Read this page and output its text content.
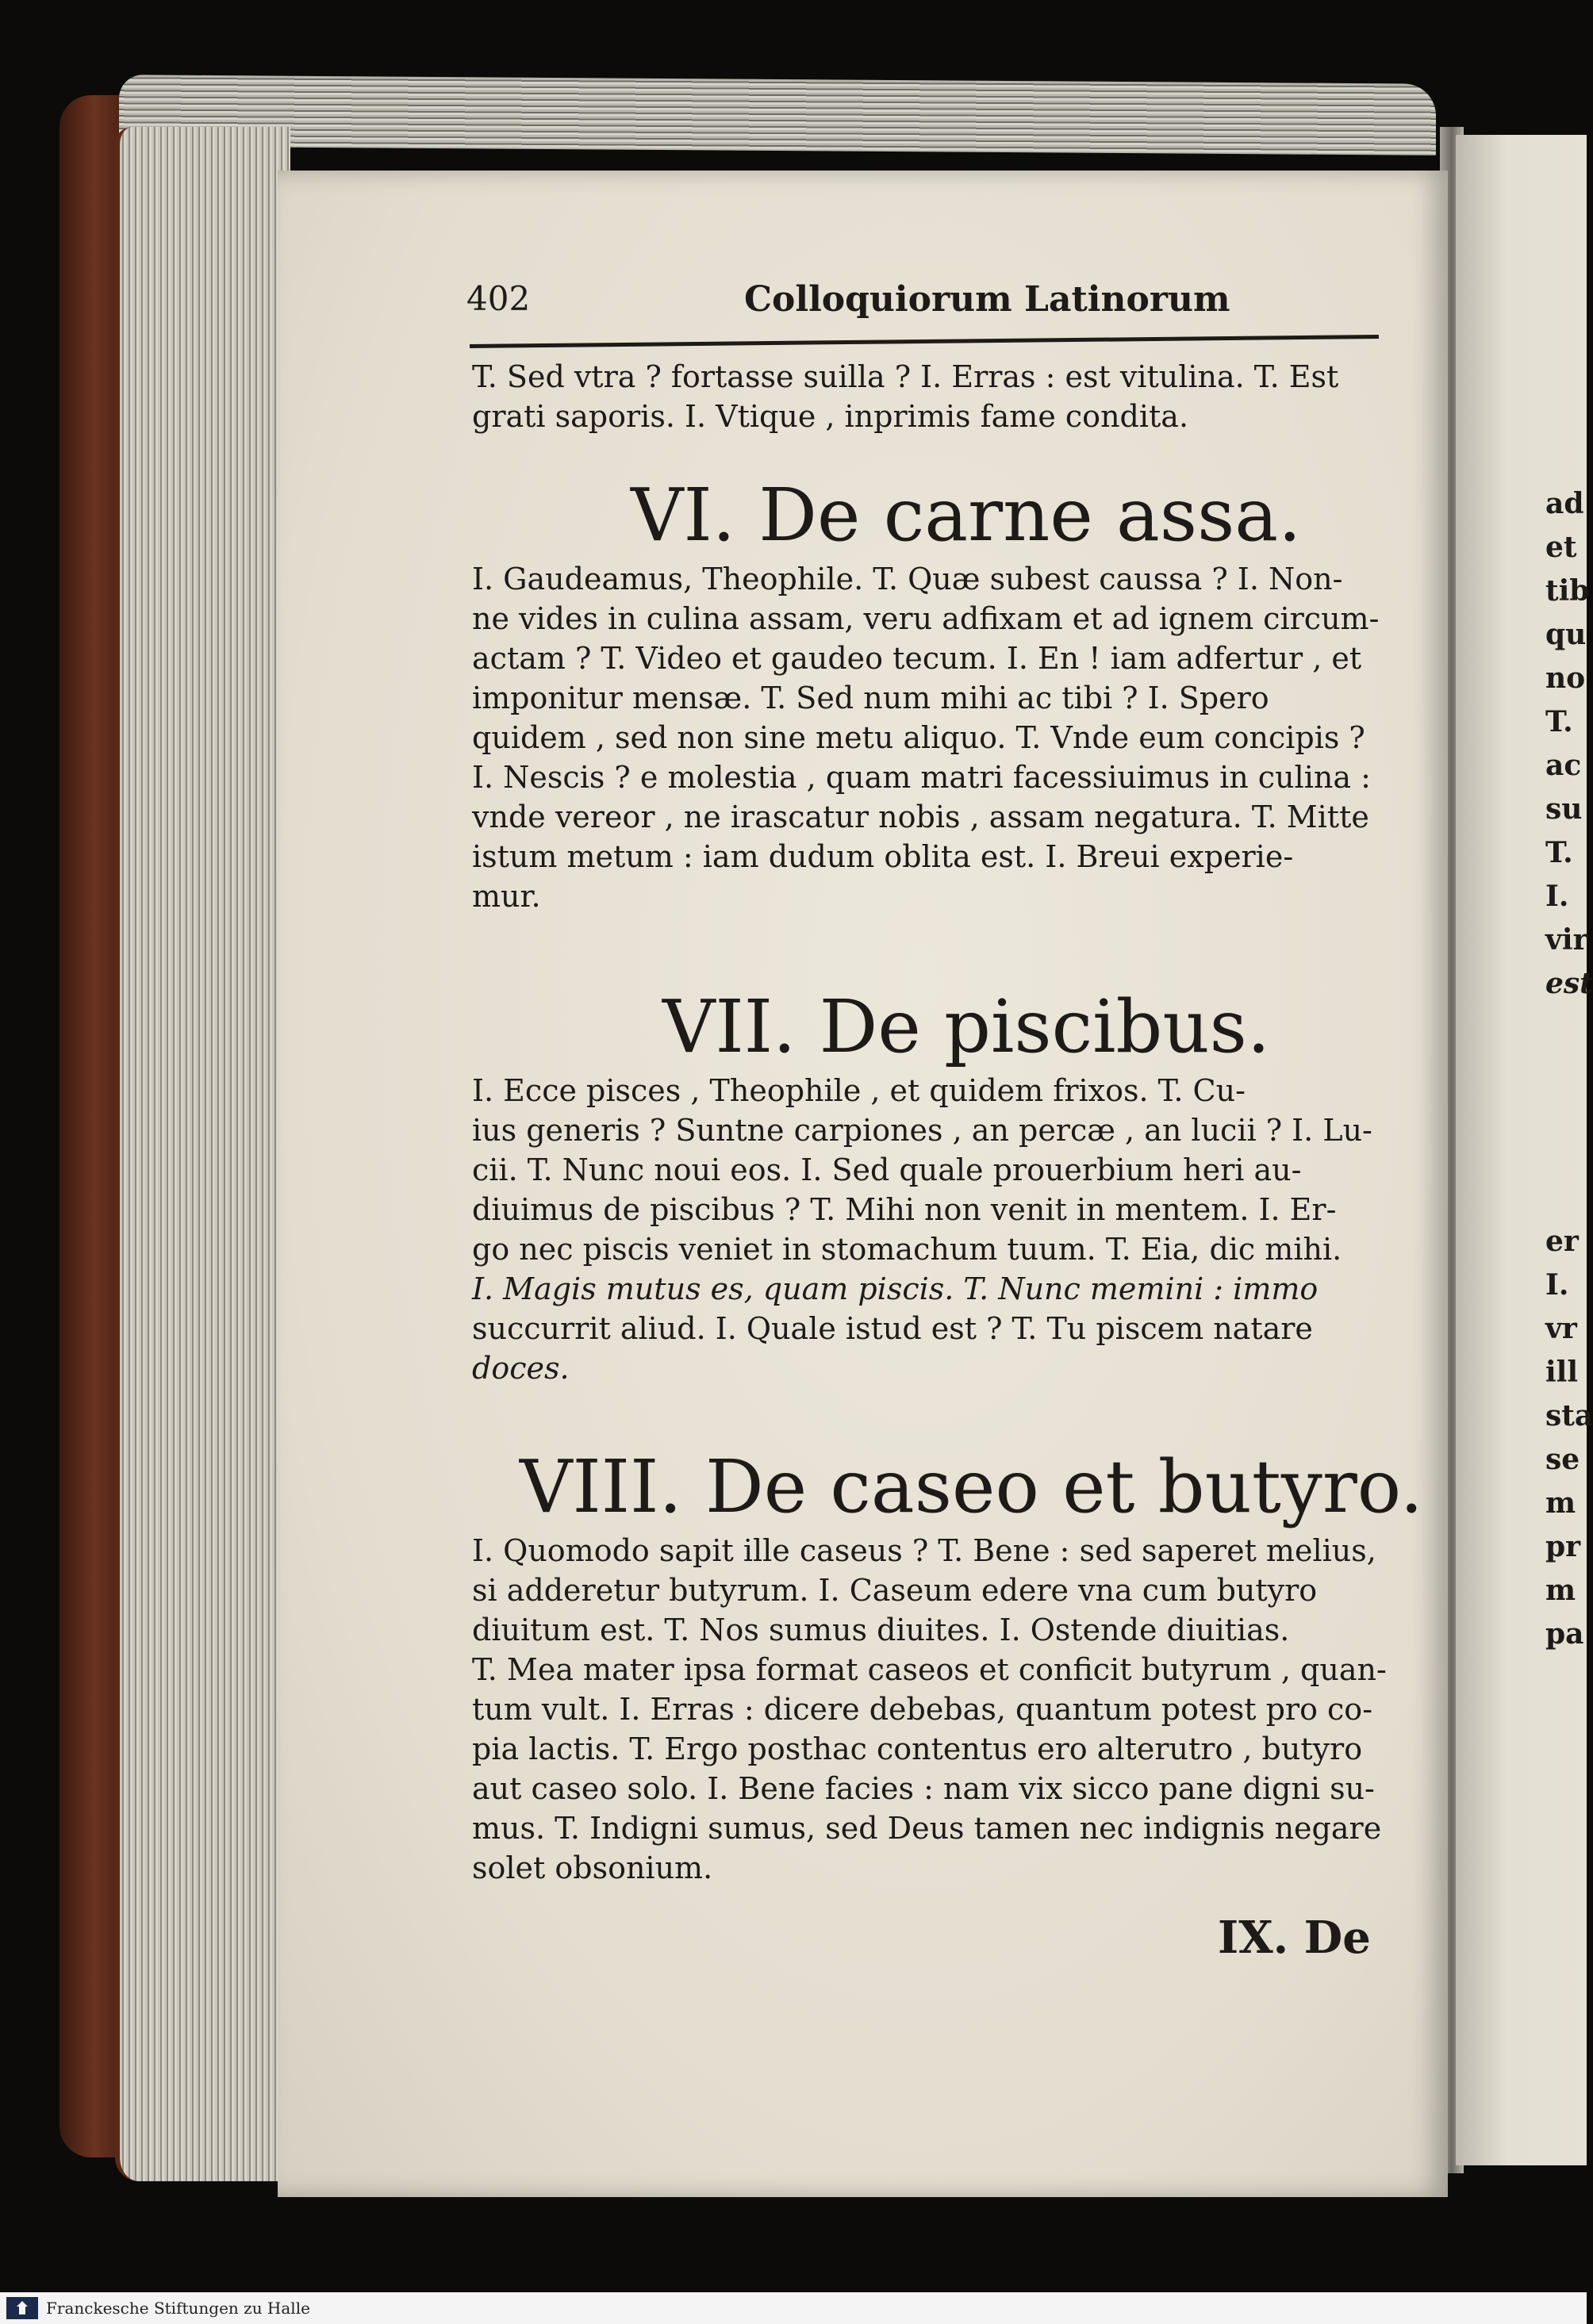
402	Colloquiorum Latinorum
T. Sed vtra ? fortasse suilla ? I. Erras : est vitulina. T. Est
grati saporis. I. Vtique , inprimis fame condita.
VI. De carne assa.
I. Gaudeamus, Theophile. T. Quæ subest caussa ? I. Non-
ne vides in culina assam, veru adfixam et ad ignem circum-
actam ? T. Video et gaudeo tecum. I. En ! iam adfertur , et
imponitur mensæ. T. Sed num mihi ac tibi ? I. Spero
quidem , sed non sine metu aliquo. T. Vnde eum concipis ?
I. Nescis ? e molestia , quam matri facessiuimus in culina :
vnde vereor , ne irascatur nobis , assam negatura. T. Mitte
istum metum : iam dudum oblita est. I. Breui experie-
mur.
VII. De piscibus.
I. Ecce pisces , Theophile , et quidem frixos. T. Cu-
ius generis ? Suntne carpiones , an percæ , an lucii ? I. Lu-
cii. T. Nunc noui eos. I. Sed quale prouerbium heri au-
diuimus de piscibus ? T. Mihi non venit in mentem. I. Er-
go nec piscis veniet in stomachum tuum. T. Eia, dic mihi.
I. Magis mutus es, quam piscis. T. Nunc memini : immo
succurrit aliud. I. Quale istud est ? T. Tu piscem natare
doces.
VIII. De caseo et butyro.
I. Quomodo sapit ille caseus ? T. Bene : sed saperet melius,
si adderetur butyrum. I. Caseum edere vna cum butyro
diuitum est. T. Nos sumus diuites. I. Ostende diuitias.
T. Mea mater ipsa format caseos et conficit butyrum , quan-
tum vult. I. Erras : dicere debebas, quantum potest pro co-
pia lactis. T. Ergo posthac contentus ero alterutro , butyro
aut caseo solo. I. Bene facies : nam vix sicco pane digni su-
mus. T. Indigni sumus, sed Deus tamen nec indignis negare
solet obsonium.
IX. De
ad
et
tib
qu
no
T.
ac
su
T.
I.
vir
est
er
I.
vr
ill
sta
se
m
pr
m
pa
Franckesche Stiftungen zu Halle
